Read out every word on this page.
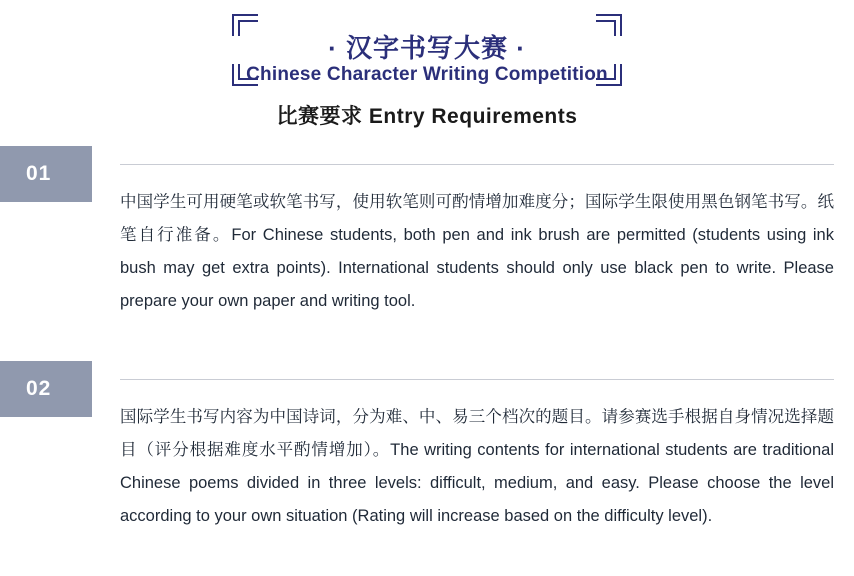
· 汉字书写大赛 ·
Chinese Character Writing Competition
比赛要求 Entry Requirements
01
中国学生可用硬笔或软笔书写，使用软笔则可酌情增加难度分；国际学生限使用黑色钢笔书写。纸笔自行准备。For Chinese students, both pen and ink brush are permitted (students using ink bush may get extra points). International students should only use black pen to write. Please prepare your own paper and writing tool.
02
国际学生书写内容为中国诗词，分为难、中、易三个档次的题目。请参赛选手根据自身情况选择题目（评分根据难度水平酌情增加）。The writing contents for international students are traditional Chinese poems divided in three levels: difficult, medium, and easy. Please choose the level according to your own situation (Rating will increase based on the difficulty level).
